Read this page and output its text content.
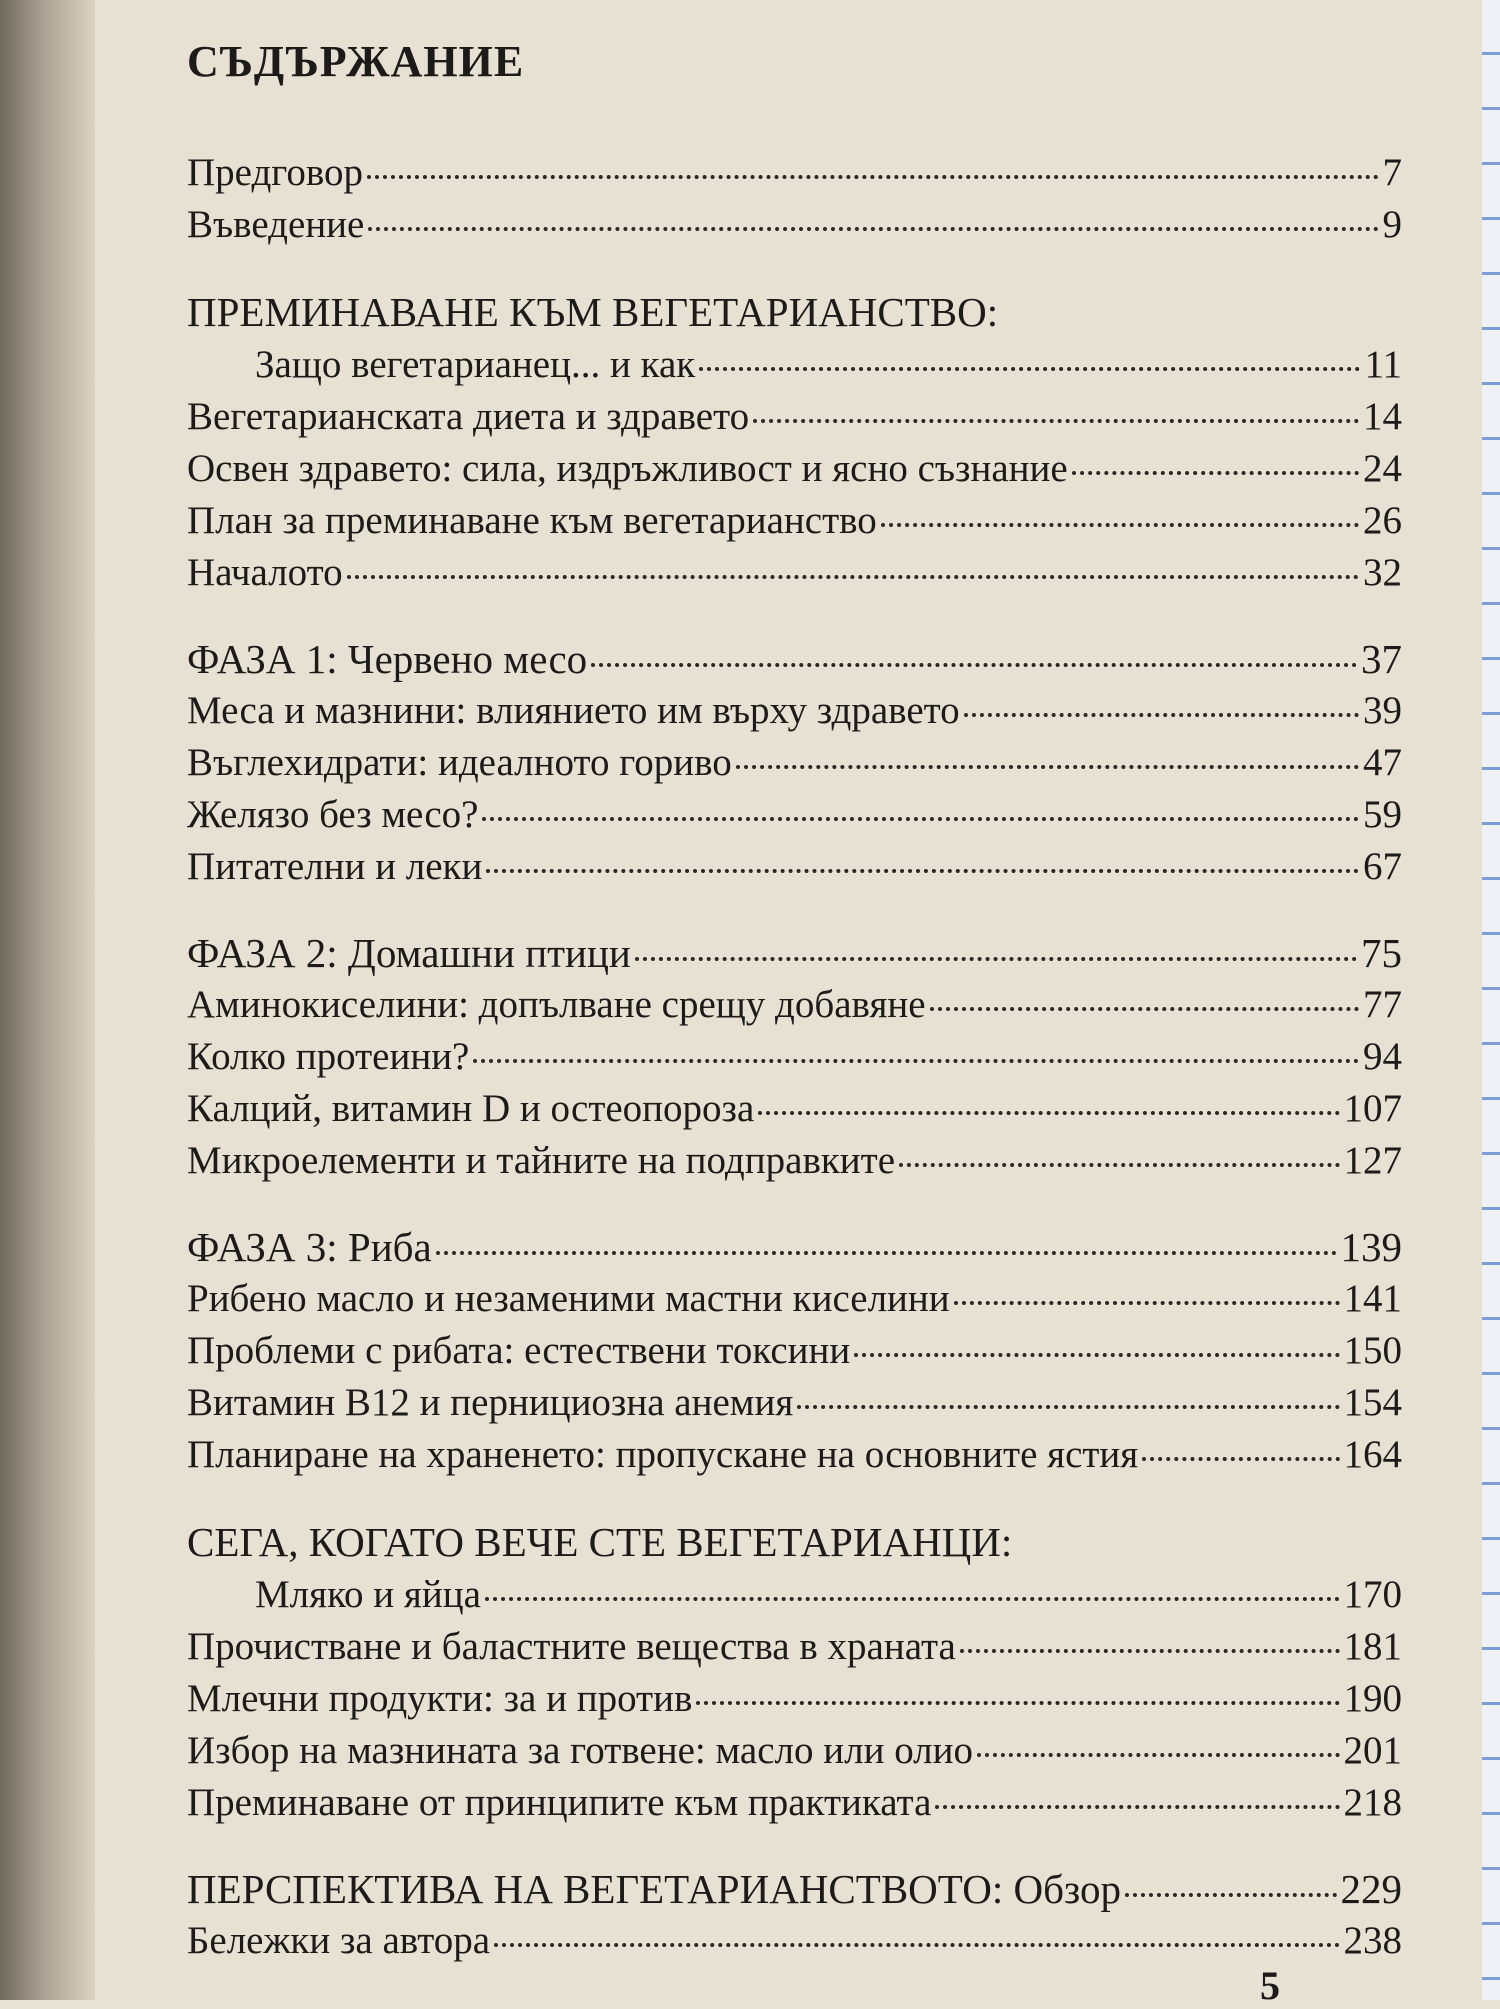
СЪДЪРЖАНИЕ
Предговор	7
Въведение	9
ПРЕМИНАВАНЕ КЪМ ВЕГЕТАРИАНСТВО:
Защо вегетарианец... и как	11
Вегетарианската диета и здравето	14
Освен здравето: сила, издръжливост и ясно съзнание	24
План за преминаване към вегетарианство	26
Началото	32
ФАЗА 1: Червено месо	37
Меса и мазнини: влиянието им върху здравето	39
Въглехидрати: идеалното гориво	47
Желязо без месо?	59
Питателни и леки	67
ФАЗА 2: Домашни птици	75
Аминокиселини: допълване срещу добавяне	77
Колко протеини?	94
Калций, витамин D и остеопороза	107
Микроелементи и тайните на подправките	127
ФАЗА 3: Риба	139
Рибено масло и незаменими мастни киселини	141
Проблеми с рибата: естествени токсини	150
Витамин B12 и пернициозна анемия	154
Планиране на храненето: пропускане на основните ястия	164
СЕГА, КОГАТО ВЕЧЕ СТЕ ВЕГЕТАРИАНЦИ:
Мляко и яйца	170
Прочистване и баластните вещества в храната	181
Млечни продукти: за и против	190
Избор на мазнината за готвене: масло или олио	201
Преминаване от принципите към практиката	218
ПЕРСПЕКТИВА НА ВЕГЕТАРИАНСТВОТО: Обзор	229
Бележки за автора	238
5
